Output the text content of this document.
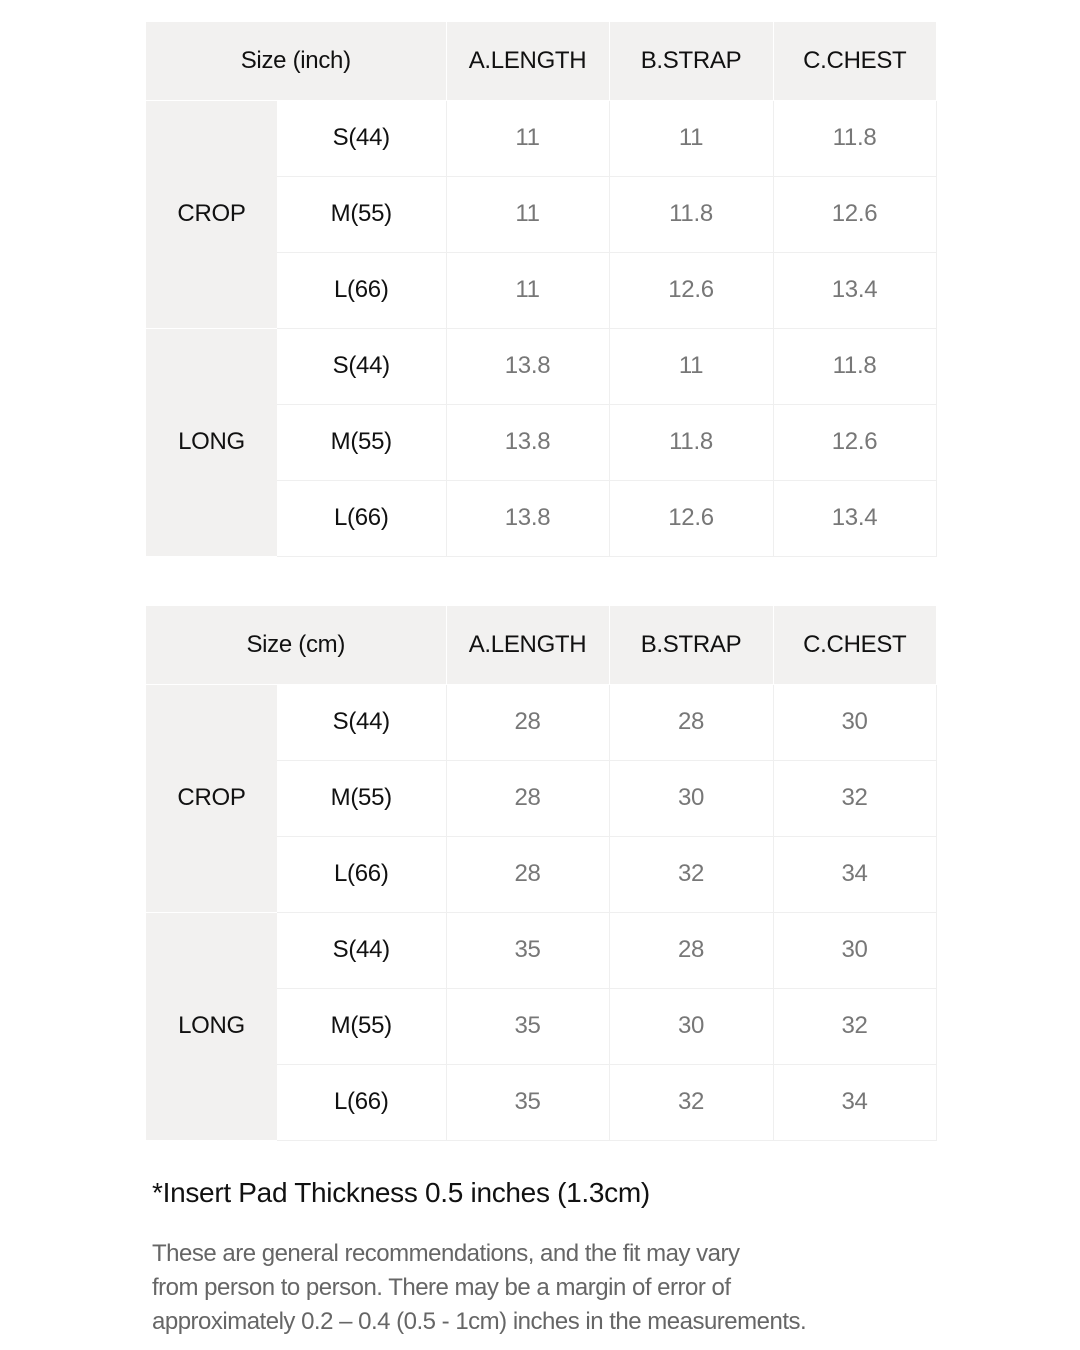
Size (inch)		A.LENGTH	B.STRAP	C.CHEST
CROP	S(44)	11	11	11.8
	M(55)	11	11.8	12.6
	L(66)	11	12.6	13.4
LONG	S(44)	13.8	11	11.8
	M(55)	13.8	11.8	12.6
	L(66)	13.8	12.6	13.4
Size (cm)		A.LENGTH	B.STRAP	C.CHEST
CROP	S(44)	28	28	30
	M(55)	28	30	32
	L(66)	28	32	34
LONG	S(44)	35	28	30
	M(55)	35	30	32
	L(66)	35	32	34

*Insert Pad Thickness 0.5 inches (1.3cm)

These are general recommendations, and the fit may vary
from person to person. There may be a margin of error of
approximately 0.2 – 0.4 (0.5 - 1cm) inches in the measurements.
